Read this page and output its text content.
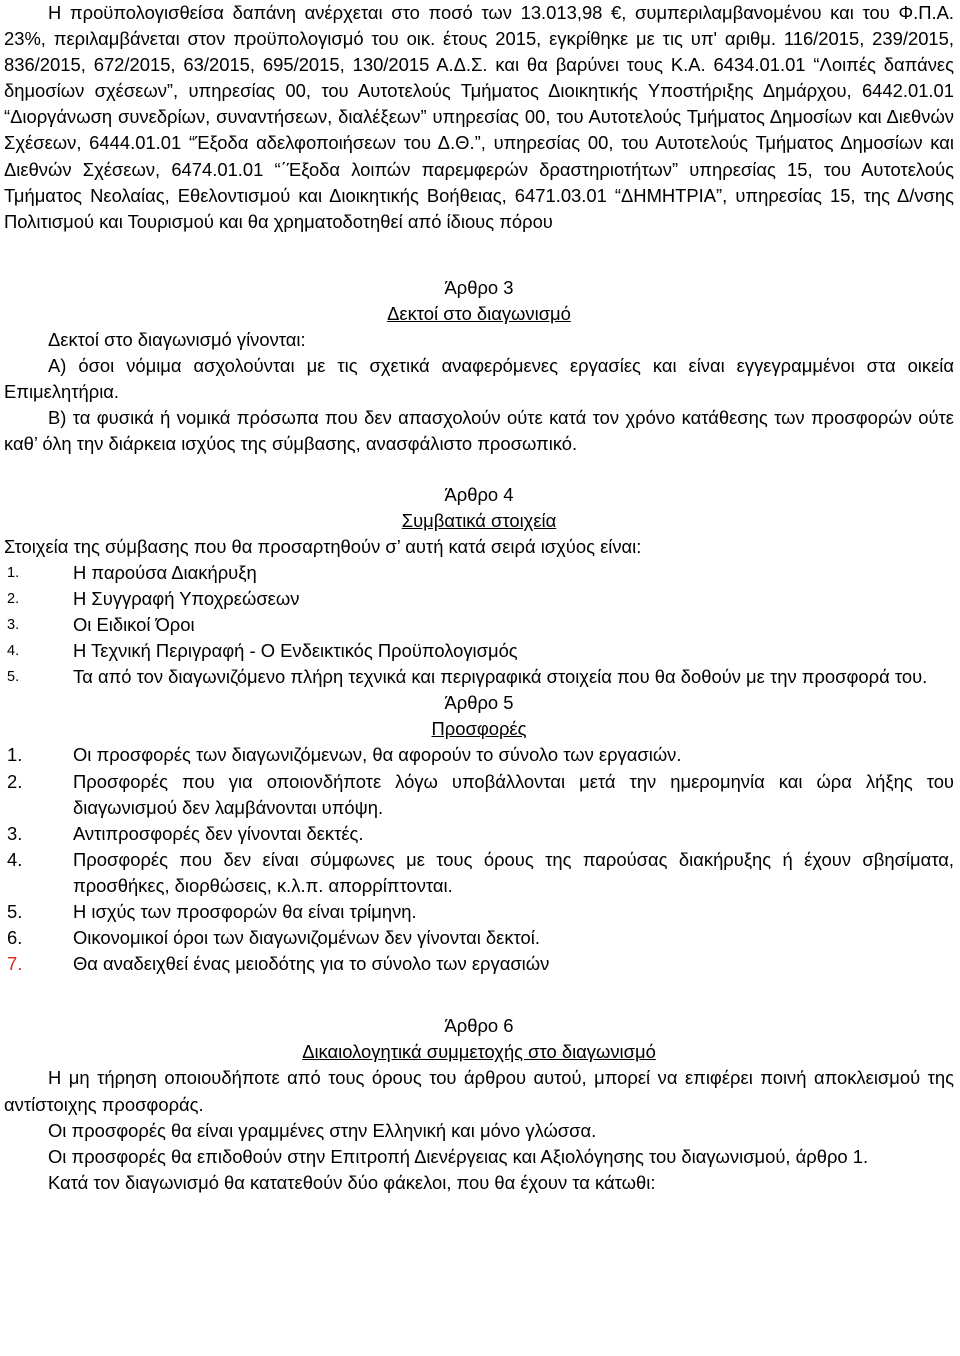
Η προϋπολογισθείσα δαπάνη ανέρχεται στο ποσό των 13.013,98 €, συμπεριλαμβανομένου και του Φ.Π.Α. 23%, περιλαμβάνεται στον προϋπολογισμό του οικ. έτους 2015, εγκρίθηκε με τις υπ' αριθμ. 116/2015, 239/2015, 836/2015, 672/2015, 63/2015, 695/2015, 130/2015 Α.Δ.Σ. και θα βαρύνει τους Κ.Α. 6434.01.01 “Λοιπές δαπάνες δημοσίων σχέσεων”, υπηρεσίας 00, του Αυτοτελούς Τμήματος Διοικητικής Υποστήριξης Δημάρχου, 6442.01.01 “Διοργάνωση συνεδρίων, συναντήσεων, διαλέξεων” υπηρεσίας 00, του Αυτοτελούς Τμήματος Δημοσίων και Διεθνών Σχέσεων, 6444.01.01 “Έξοδα αδελφοποιήσεων του Δ.Θ.”, υπηρεσίας 00, του Αυτοτελούς Τμήματος Δημοσίων και Διεθνών Σχέσεων, 6474.01.01 “΄Έξοδα λοιπών παρεμφερών δραστηριοτήτων” υπηρεσίας 15, του Αυτοτελούς Τμήματος Νεολαίας, Εθελοντισμού και Διοικητικής Βοήθειας, 6471.03.01 “ΔΗΜΗΤΡΙΑ”, υπηρεσίας 15, της Δ/νσης Πολιτισμού και Τουρισμού και θα χρηματοδοτηθεί από ίδιους πόρου

Άρθρο 3

Δεκτοί στο διαγωνισμό

Δεκτοί στο διαγωνισμό γίνονται:

Α) όσοι νόμιμα ασχολούνται με τις σχετικά αναφερόμενες εργασίες και είναι εγγεγραμμένοι στα οικεία Επιμελητήρια.

Β) τα φυσικά ή νομικά πρόσωπα που δεν απασχολούν ούτε κατά τον χρόνο κατάθεσης των προσφορών ούτε καθ’ όλη την διάρκεια ισχύος της σύμβασης, ανασφάλιστο προσωπικό.

Άρθρο 4

Συμβατικά στοιχεία

Στοιχεία της σύμβασης που θα προσαρτηθούν σ’ αυτή κατά σειρά ισχύος είναι:

1.	Η παρούσα Διακήρυξη
2.	Η Συγγραφή Υποχρεώσεων
3.	Οι Ειδικοί Όροι
4.	Η Τεχνική Περιγραφή - Ο Ενδεικτικός Προϋπολογισμός
5.	Τα από τον διαγωνιζόμενο πλήρη τεχνικά και περιγραφικά στοιχεία που θα δοθούν με την προσφορά του.

Άρθρο 5

Προσφορές

1.	Οι προσφορές των διαγωνιζόμενων, θα αφορούν το σύνολο των εργασιών.
2.	Προσφορές που για οποιονδήποτε λόγω υποβάλλονται μετά την ημερομηνία και ώρα λήξης του διαγωνισμού δεν λαμβάνονται υπόψη.
3.	Αντιπροσφορές δεν γίνονται δεκτές.
4.	Προσφορές που δεν είναι σύμφωνες με τους όρους της παρούσας διακήρυξης ή έχουν σβησίματα, προσθήκες, διορθώσεις, κ.λ.π. απορρίπτονται.
5.	Η ισχύς των προσφορών θα είναι τρίμηνη.
6.	Οικονομικοί όροι των διαγωνιζομένων δεν γίνονται δεκτοί.
7.	Θα αναδειχθεί ένας μειοδότης για το σύνολο των εργασιών

Άρθρο 6

Δικαιολογητικά συμμετοχής στο διαγωνισμό

Η μη τήρηση οποιουδήποτε από τους όρους του άρθρου αυτού, μπορεί να επιφέρει ποινή αποκλεισμού της αντίστοιχης προσφοράς.

Οι προσφορές θα είναι γραμμένες στην Ελληνική και μόνο γλώσσα.

Οι προσφορές θα επιδοθούν στην Επιτροπή Διενέργειας και Αξιολόγησης του διαγωνισμού, άρθρο 1.

Κατά τον διαγωνισμό θα κατατεθούν δύο φάκελοι, που θα έχουν τα κάτωθι:
